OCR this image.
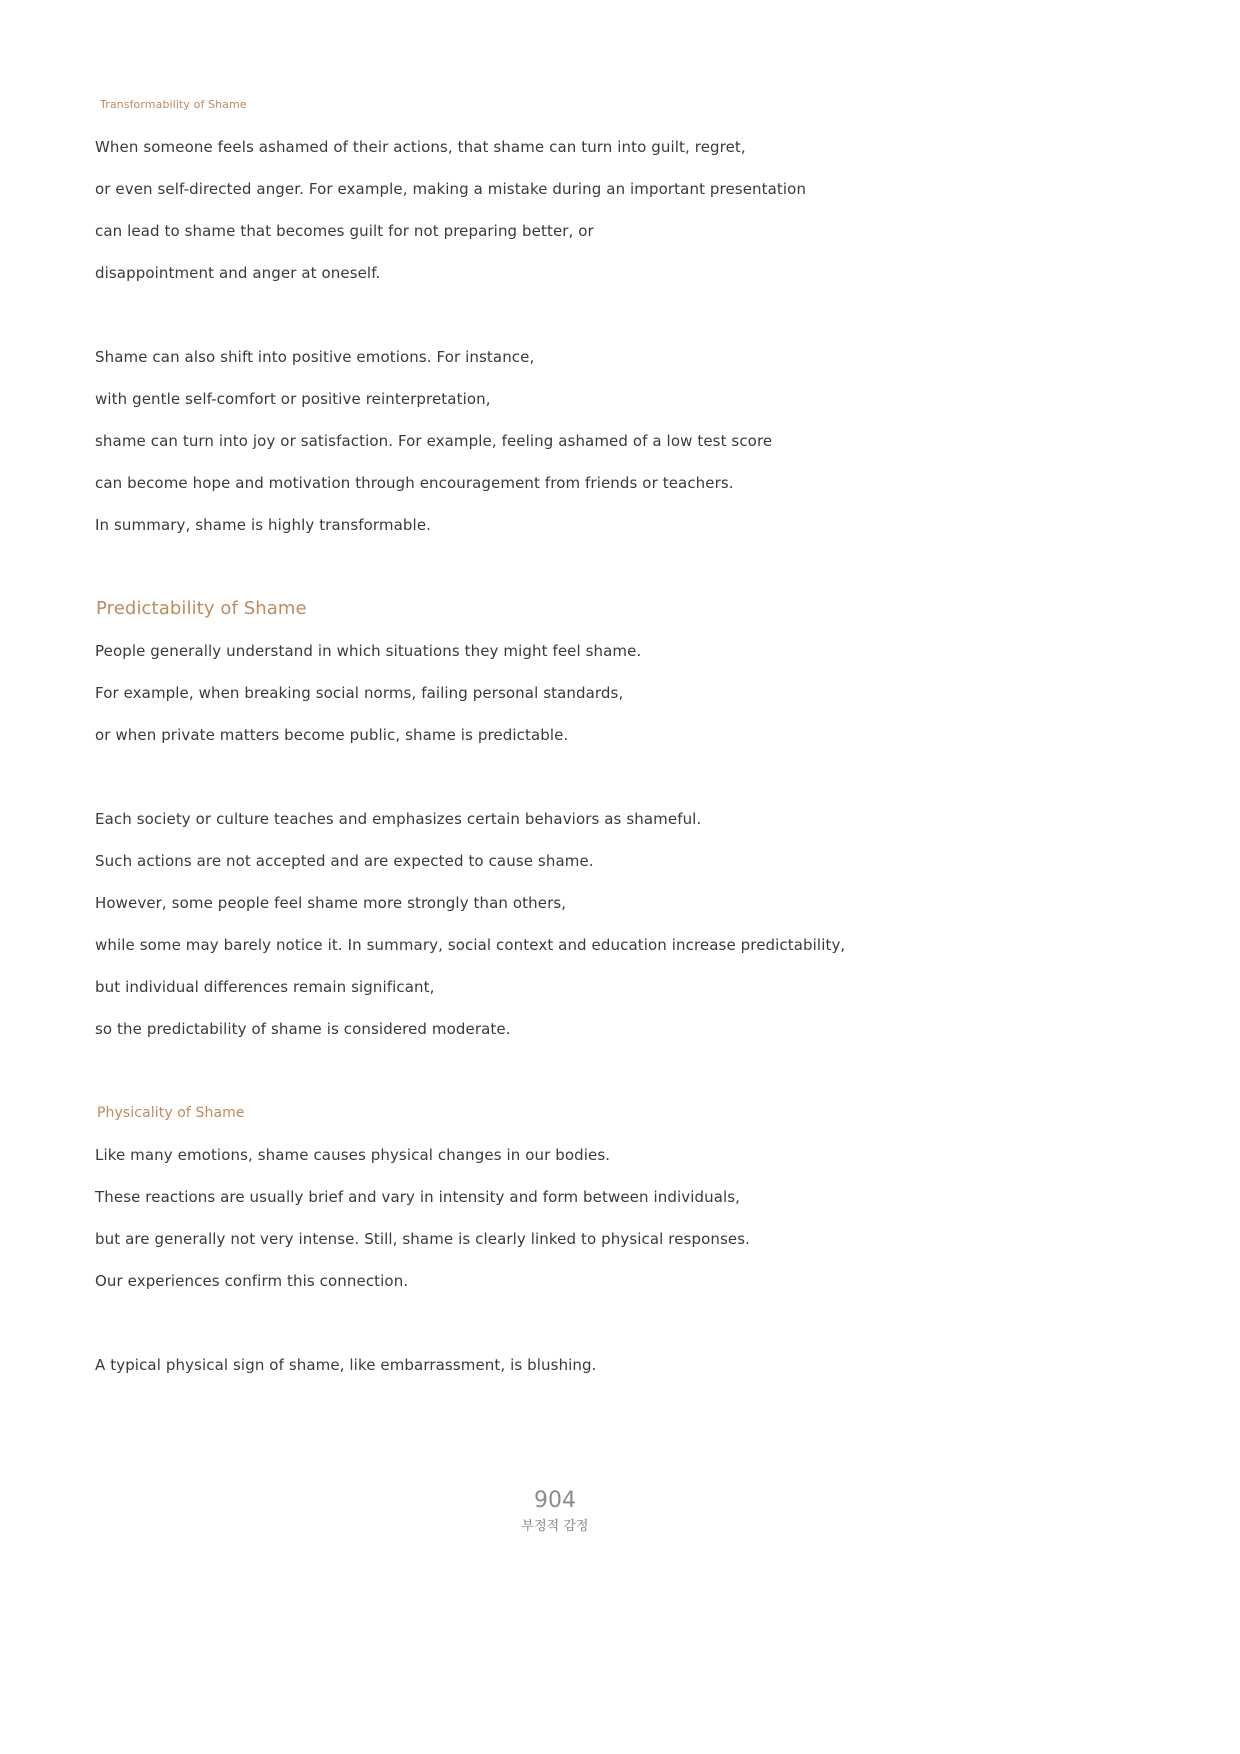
Transformability of Shame
When someone feels ashamed of their actions, that shame can turn into guilt, regret,
or even self-directed anger. For example, making a mistake during an important presentation
can lead to shame that becomes guilt for not preparing better, or
disappointment and anger at oneself.
Shame can also shift into positive emotions. For instance,
with gentle self-comfort or positive reinterpretation,
shame can turn into joy or satisfaction. For example, feeling ashamed of a low test score
can become hope and motivation through encouragement from friends or teachers.
In summary, shame is highly transformable.
Predictability of Shame
People generally understand in which situations they might feel shame.
For example, when breaking social norms, failing personal standards,
or when private matters become public, shame is predictable.
Each society or culture teaches and emphasizes certain behaviors as shameful.
Such actions are not accepted and are expected to cause shame.
However, some people feel shame more strongly than others,
while some may barely notice it. In summary, social context and education increase predictability,
but individual differences remain significant,
so the predictability of shame is considered moderate.
Physicality of Shame
Like many emotions, shame causes physical changes in our bodies.
These reactions are usually brief and vary in intensity and form between individuals,
but are generally not very intense. Still, shame is clearly linked to physical responses.
Our experiences confirm this connection.
A typical physical sign of shame, like embarrassment, is blushing.
904
부정적 감정
